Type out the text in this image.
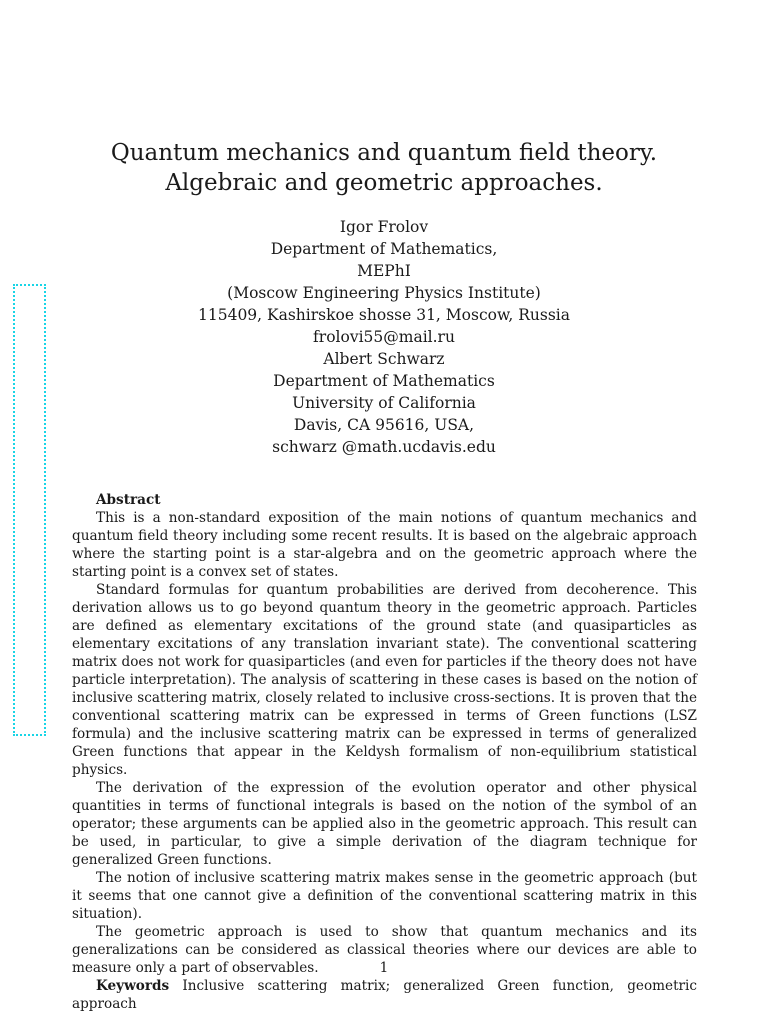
Quantum mechanics and quantum field theory.
Algebraic and geometric approaches.
Igor Frolov
Department of Mathematics,
MEPhI
(Moscow Engineering Physics Institute)
115409, Kashirskoe shosse 31, Moscow, Russia
frolovi55@mail.ru
Albert Schwarz
Department of Mathematics
University of California
Davis, CA 95616, USA,
schwarz @math.ucdavis.edu
Abstract

This is a non-standard exposition of the main notions of quantum mechanics and quantum field theory including some recent results. It is based on the algebraic approach where the starting point is a star-algebra and on the geometric approach where the starting point is a convex set of states.

Standard formulas for quantum probabilities are derived from decoherence. This derivation allows us to go beyond quantum theory in the geometric approach. Particles are defined as elementary excitations of the ground state (and quasiparticles as elementary excitations of any translation invariant state). The conventional scattering matrix does not work for quasiparticles (and even for particles if the theory does not have particle interpretation). The analysis of scattering in these cases is based on the notion of inclusive scattering matrix, closely related to inclusive cross-sections. It is proven that the conventional scattering matrix can be expressed in terms of Green functions (LSZ formula) and the inclusive scattering matrix can be expressed in terms of generalized Green functions that appear in the Keldysh formalism of non-equilibrium statistical physics.

The derivation of the expression of the evolution operator and other physical quantities in terms of functional integrals is based on the notion of the symbol of an operator; these arguments can be applied also in the geometric approach. This result can be used, in particular, to give a simple derivation of the diagram technique for generalized Green functions.

The notion of inclusive scattering matrix makes sense in the geometric approach (but it seems that one cannot give a definition of the conventional scattering matrix in this situation).

The geometric approach is used to show that quantum mechanics and its generalizations can be considered as classical theories where our devices are able to measure only a part of observables.

Keywords Inclusive scattering matrix; generalized Green function, geometric approach

1
